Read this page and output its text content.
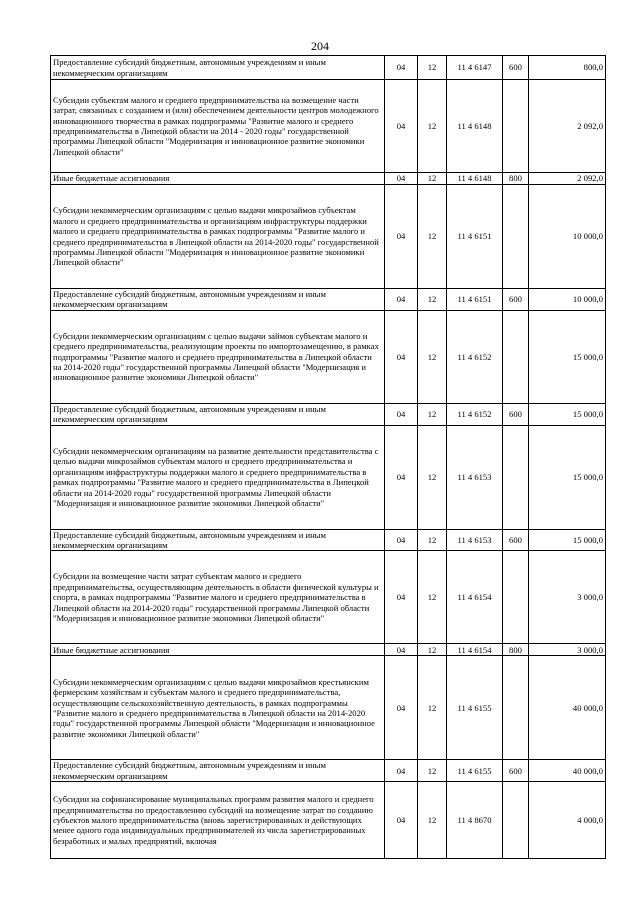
204
Предоставление субсидий бюджетным, автономным учреждениям и иным некоммерческим организациям	04	12	11 4 6147	600	800,0
Субсидии субъектам малого и среднего предпринимательства на возмещение части затрат, связанных с созданием и (или) обеспечением деятельности центров молодежного инновационного творчества в рамках подпрограммы "Развитие малого и среднего предпринимательства в Липецкой области на 2014 - 2020 годы" государственной программы Липецкой области "Модернизация и инновационное развитие экономики Липецкой области"	04	12	11 4 6148		2 092,0
Иные бюджетные ассигнования	04	12	11 4 6148	800	2 092,0
Субсидии некоммерческим организациям с целью выдачи микрозаймов субъектам малого и среднего предпринимательства и организациям инфраструктуры поддержки малого и среднего предпринимательства в рамках подпрограммы "Развитие малого и среднего предпринимательства в Липецкой области на 2014-2020 годы" государственной программы Липецкой области "Модернизация и инновационное развитие экономики Липецкой области"	04	12	11 4 6151		10 000,0
Предоставление субсидий бюджетным, автономным учреждениям и иным некоммерческим организациям	04	12	11 4 6151	600	10 000,0
Субсидии некоммерческим организациям с целью выдачи займов субъектам малого и среднего предпринимательства, реализующим проекты по импортозамещению, в рамках подпрограммы "Развитие малого и среднего предпринимательства в Липецкой области на 2014-2020 годы" государственной программы Липецкой области "Модернизация и инновационное развитие экономики Липецкой области"	04	12	11 4 6152		15 000,0
Предоставление субсидий бюджетным, автономным учреждениям и иным некоммерческим организациям	04	12	11 4 6152	600	15 000,0
Субсидии некоммерческим организациям на развитие деятельности представительства с целью выдачи микрозаймов субъектам малого и среднего предпринимательства и организациям инфраструктуры поддержки малого и среднего предпринимательства в рамках подпрограммы "Развитие малого и среднего предпринимательства в Липецкой области на 2014-2020 годы" государственной программы Липецкой области "Модернизация и инновационное развитие экономики Липецкой области"	04	12	11 4 6153		15 000,0
Предоставление субсидий бюджетным, автономным учреждениям и иным некоммерческим организациям	04	12	11 4 6153	600	15 000,0
Субсидии на возмещение части затрат субъектам малого и среднего предпринимательства, осуществляющим деятельность в области физической культуры и спорта, в рамках подпрограммы "Развитие малого и среднего предпринимательства в Липецкой области на 2014-2020 годы" государственной программы Липецкой области "Модернизация и инновационное развитие экономики Липецкой области"	04	12	11 4 6154		3 000,0
Иные бюджетные ассигнования	04	12	11 4 6154	800	3 000,0
Субсидии некоммерческим организациям с целью выдачи микрозаймов крестьянским фермерским хозяйствам и субъектам малого и среднего предпринимательства, осуществляющим сельскохозяйственную деятельность, в рамках подпрограммы "Развитие малого и среднего предпринимательства в Липецкой области на 2014-2020 годы" государственной программы Липецкой области "Модернизация и инновационное развитие экономики Липецкой области"	04	12	11 4 6155		40 000,0
Предоставление субсидий бюджетным, автономным учреждениям и иным некоммерческим организациям	04	12	11 4 6155	600	40 000,0
Субсидии на софинансирование муниципальных программ развития малого и среднего предпринимательства по предоставлению субсидий на возмещение затрат по созданию субъектов малого предпринимательства (вновь зарегистрированных и действующих менее одного года индивидуальных предпринимателей из числа зарегистрированных безработных и малых предприятий, включая	04	12	11 4 8670		4 000,0
